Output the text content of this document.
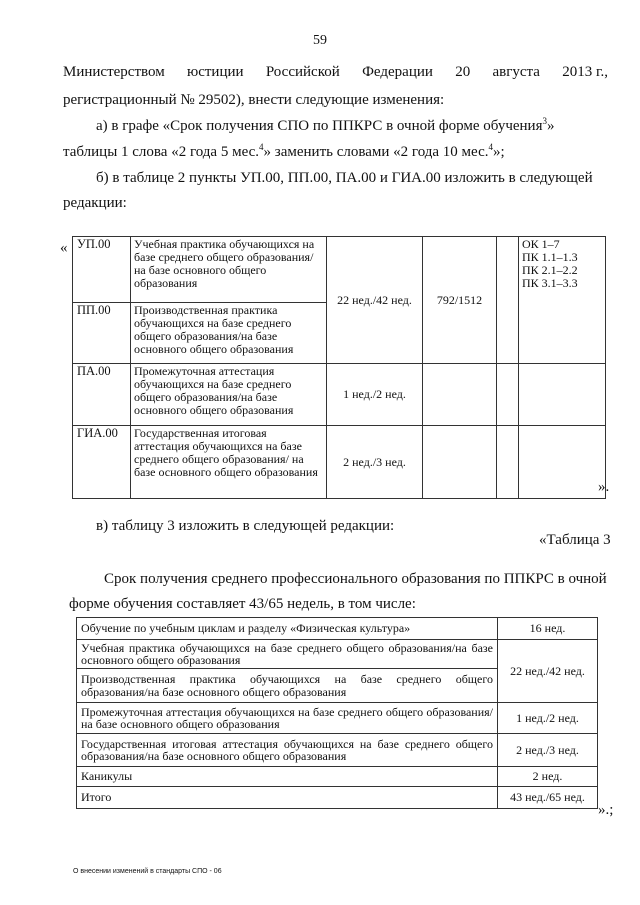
59
Министерством юстиции Российской Федерации 20 августа 2013 г.,
регистрационный № 29502), внести следующие изменения:
а) в графе «Срок получения СПО по ППКРС в очной форме обучения$^3$»
таблицы 1 слова «2 года 5 мес.$^4$» заменить словами «2 года 10 мес.$^4$»;
б) в таблице 2 пункты УП.00, ПП.00, ПА.00 и ГИА.00 изложить в следующей
редакции:
« УП.00	Учебная практика обучающихся на базе среднего общего образования/на базе основного общего образования	22 нед./42 нед.	792/1512		ОК 1–7
ПК 1.1–1.3
ПК 2.1–2.2
ПК 3.1–3.3

ПП.00	Производственная практика обучающихся на базе среднего общего образования/на базе основного общего образования				
ПА.00	Промежуточная аттестация обучающихся на базе среднего общего образования/на базе основного общего образования	1 нед./2 нед.			
ГИА.00	Государственная итоговая аттестация обучающихся на базе среднего общего образования/ на базе основного общего образования	2 нед./3 нед.			
».
в) таблицу 3 изложить в следующей редакции:
«Таблица 3
Срок получения среднего профессионального образования по ППКРС в очной
форме обучения составляет 43/65 недель, в том числе:
Обучение по учебным циклам и разделу «Физическая культура»	16 нед.
Учебная практика обучающихся на базе среднего общего образования/на базе основного общего образования	22 нед./42 нед.
Производственная практика обучающихся на базе среднего общего образования/на базе основного общего образования	
Промежуточная аттестация обучающихся на базе среднего общего образования/на базе основного общего образования	1 нед./2 нед.
Государственная итоговая аттестация обучающихся на базе среднего общего образования/на базе основного общего образования	2 нед./3 нед.
Каникулы	2 нед.
Итого	43 нед./65 нед.
».;
О внесении изменений в стандарты СПО - 06
